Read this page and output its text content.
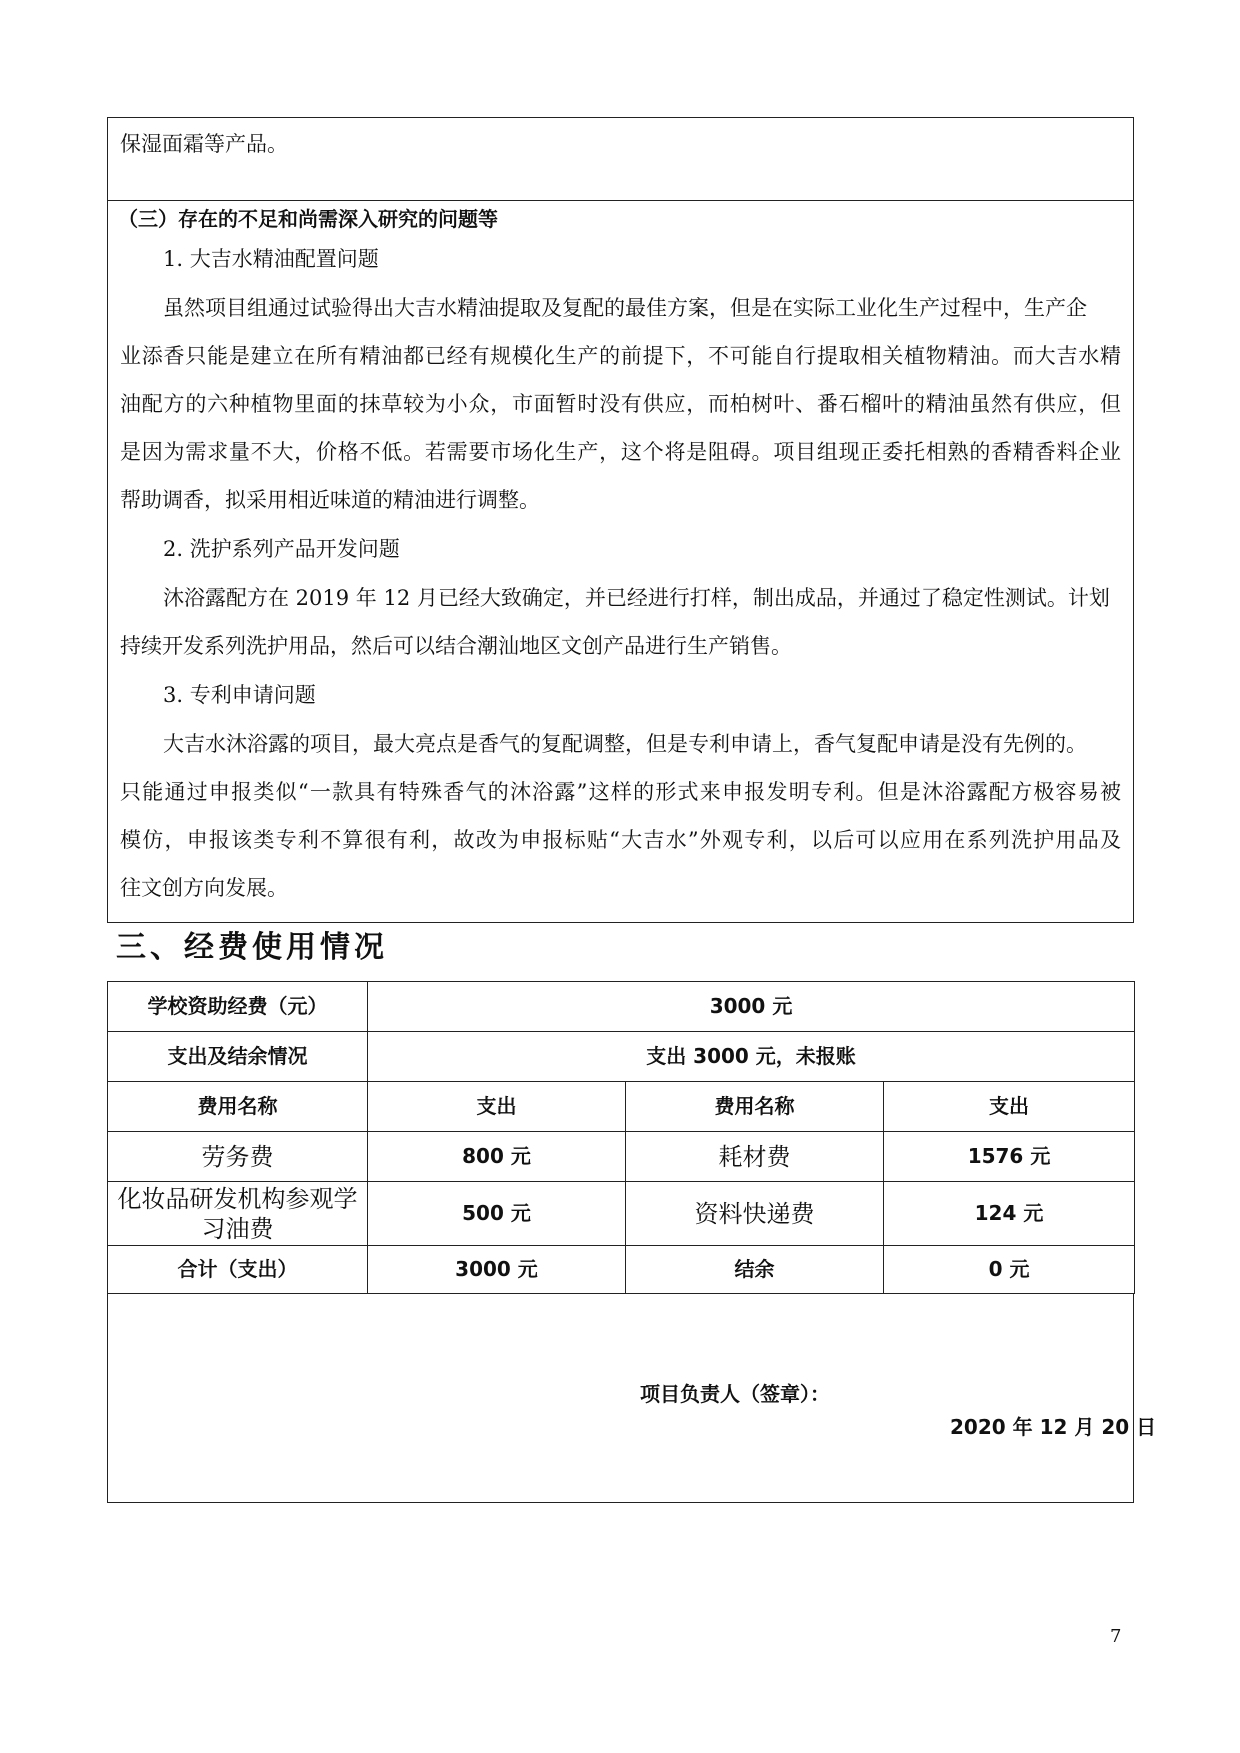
保湿面霜等产品。
（三）存在的不足和尚需深入研究的问题等
1. 大吉水精油配置问题
虽然项目组通过试验得出大吉水精油提取及复配的最佳方案，但是在实际工业化生产过程中，生产企
业添香只能是建立在所有精油都已经有规模化生产的前提下，不可能自行提取相关植物精油。而大吉水精
油配方的六种植物里面的抹草较为小众，市面暂时没有供应，而柏树叶、番石榴叶的精油虽然有供应，但
是因为需求量不大，价格不低。若需要市场化生产，这个将是阻碍。项目组现正委托相熟的香精香料企业
帮助调香，拟采用相近味道的精油进行调整。
2. 洗护系列产品开发问题
沐浴露配方在 2019 年 12 月已经大致确定，并已经进行打样，制出成品，并通过了稳定性测试。计划
持续开发系列洗护用品，然后可以结合潮汕地区文创产品进行生产销售。
3. 专利申请问题
大吉水沐浴露的项目，最大亮点是香气的复配调整，但是专利申请上，香气复配申请是没有先例的。
只能通过申报类似“一款具有特殊香气的沐浴露”这样的形式来申报发明专利。但是沐浴露配方极容易被
模仿，申报该类专利不算很有利，故改为申报标贴“大吉水”外观专利，以后可以应用在系列洗护用品及
往文创方向发展。
三、经费使用情况
学校资助经费（元）	3000 元		
支出及结余情况	支出 3000 元，未报账		
费用名称	支出	费用名称	支出
劳务费	800 元	耗材费	1576 元
化妆品研发机构参观学习油费	500 元	资料快递费	124 元
合计（支出）	3000 元	结余	0 元
项目负责人（签章）：
2020 年 12 月 20 日
7
